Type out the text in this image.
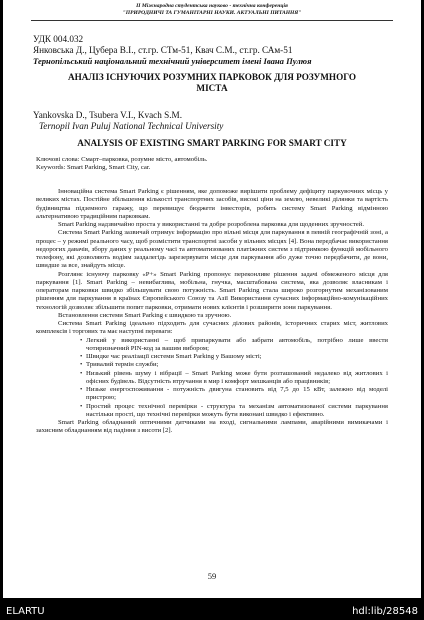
ІІ Міжнародна студентська науково - технічна конференція
"ПРИРОДНИЧІ ТА ГУМАНІТАРНІ НАУКИ. АКТУАЛЬНІ ПИТАННЯ"
УДК 004.032
Янковська Д., Цубера В.І., ст.гр. СТм-51, Квач С.М., ст.гр. САм-51
Тернопільський національний технічний університет імені Івана Пулюя
АНАЛІЗ ІСНУЮЧИХ РОЗУМНИХ ПАРКОВОК ДЛЯ РОЗУМНОГО
МІСТА
Yankovska D., Tsubera V.I., Kvach S.M.
Ternopil Ivan Puluj National Technical University
ANALYSIS OF EXISTING SMART PARKING FOR SMART CITY
Ключові слова: Смарт–парковка, розумне місто, автомобіль.
Keywords: Smart Parking, Smart City, car.

Інноваційна система Smart Parking є рішенням, яке допоможе вирішити проблему дефіциту паркувочних місць у великих містах. Постійне збільшення кількості транспортних засобів, високі ціни на землю, невеликі ділянки та вартість будівництва підземного гаражу, що перевищує бюджети інвесторів, робить систему Smart Parking відмінною альтернативою традиційним парковкам.

Smart Parking надзвичайно проста у використанні та добре розроблена парковка для щоденних зручностей.

Система Smart Parking зазвичай отримує інформацію про вільні місця для паркування в певній географічній зоні, а процес – у режимі реального часу, щоб розмістити транспортні засоби у вільних місцях [4]. Вона передбачає використання недорогих давачів, збору даних у реальному часі та автоматизованих платіжних систем з підтримкою функцій мобільного телефону, які дозволяють водіям заздалегідь зарезервувати місце для паркування або дуже точно передбачити, де вони, швидше за все, знайдуть місце.

Розглянє існуючу парковку «Р+» Smart Parking пропонує переконливе рішення задачі обмеженого місця для паркування [1]. Smart Parking – невибаглива, мобільна, гнучка, масштабована система, яка дозволяє власникам і операторам парковки швидко збільшувати свою потужність. Smart Parking стала широко розгорнутим механізованим рішенням для паркування в країнах Європейського Союзу та Азії Використання сучасних інформаційно-комунікаційних технологій дозволяє збільшити попит парковки, отримати нових клієнтів і розширити зони паркування.

Встановлення системи Smart Parking є швидкою та зручною.

Система Smart Parking ідеально підходить для сучасних ділових районів, історичних старих міст, житлових комплексів і торгових та має наступні переваги:

• Легкий у використанні – щоб припаркувати або забрати автомобіль, потрібно лише ввести чотиризначний PIN-код за вашим вибором;

• Швидке час реалізації системи Smart Parking у Вашому місті;

• Тривалий термін служби;

• Низький рівень шуму і вібрації – Smart Parking може бути розташований недалеко від житлових і офісних будівель. Відсутність втручання в мир і комфорт мешканців або працівників;

• Низьке енергоспоживання - потужність двигуна становить від 7,5 до 15 кВт, залежно від моделі пристрою;

• Простий процес технічної перевірки - структура та механізм автоматизованої системи паркування настільки прості, що технічні перевірки можуть бути виконані швидко і ефективно.

Smart Parking обладнаний оптичними датчиками на вході, сигнальними лампами, аварійними вимикачами і захисним обладнанням від падіння з висоти [2].

59
ELARTU	hdl:lib/28548
